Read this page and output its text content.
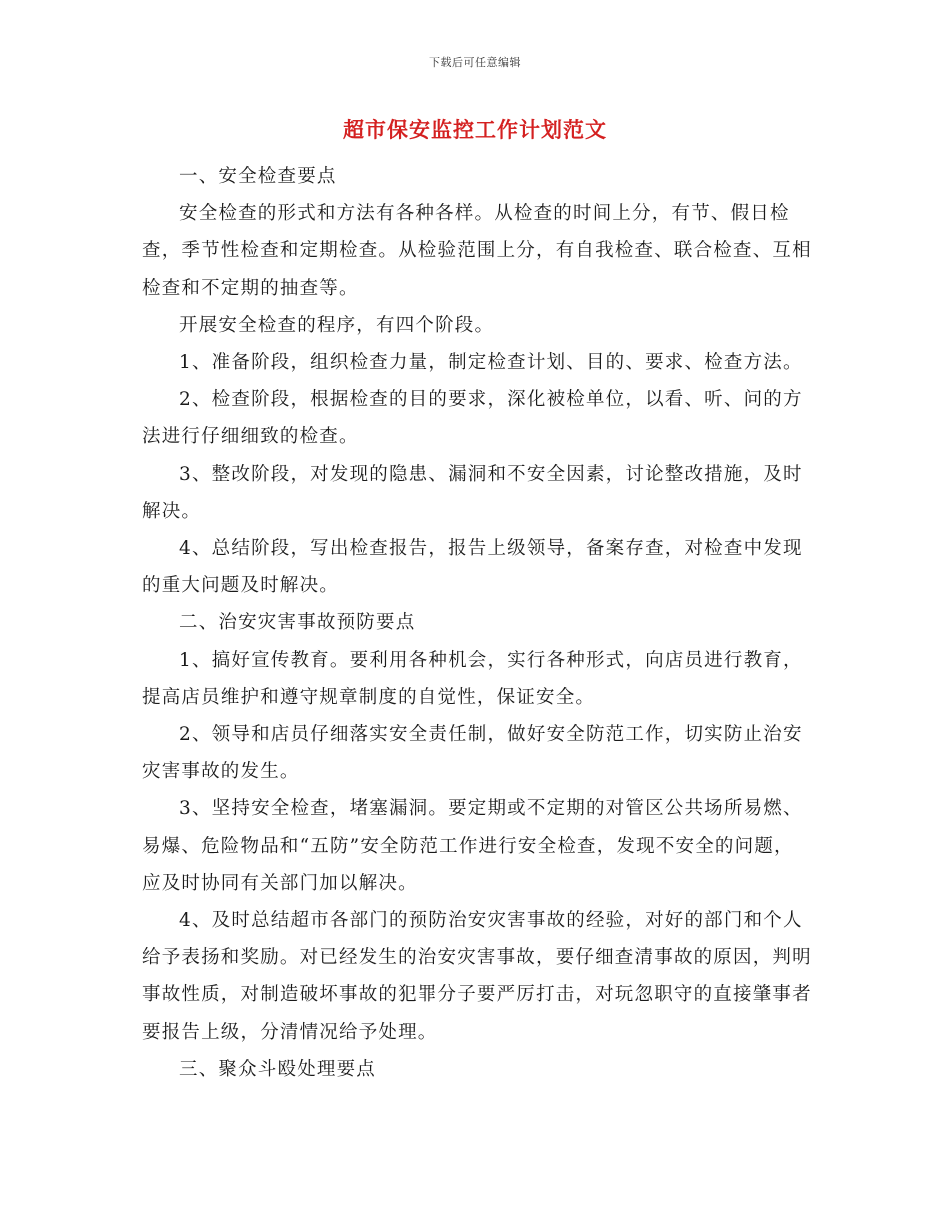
下载后可任意编辑
超市保安监控工作计划范文

一、安全检查要点

安全检查的形式和方法有各种各样。从检查的时间上分，有节、假日检查，季节性检查和定期检查。从检验范围上分，有自我检查、联合检查、互相检查和不定期的抽查等。

开展安全检查的程序，有四个阶段。

1、准备阶段，组织检查力量，制定检查计划、目的、要求、检查方法。

2、检查阶段，根据检查的目的要求，深化被检单位，以看、听、问的方法进行仔细细致的检查。

3、整改阶段，对发现的隐患、漏洞和不安全因素，讨论整改措施，及时解决。

4、总结阶段，写出检查报告，报告上级领导，备案存查，对检查中发现的重大问题及时解决。

二、治安灾害事故预防要点

1、搞好宣传教育。要利用各种机会，实行各种形式，向店员进行教育，提高店员维护和遵守规章制度的自觉性，保证安全。

2、领导和店员仔细落实安全责任制，做好安全防范工作，切实防止治安灾害事故的发生。

3、坚持安全检查，堵塞漏洞。要定期或不定期的对管区公共场所易燃、易爆、危险物品和“五防”安全防范工作进行安全检查，发现不安全的问题，应及时协同有关部门加以解决。

4、及时总结超市各部门的预防治安灾害事故的经验，对好的部门和个人给予表扬和奖励。对已经发生的治安灾害事故，要仔细查清事故的原因，判明事故性质，对制造破坏事故的犯罪分子要严厉打击，对玩忽职守的直接肇事者要报告上级，分清情况给予处理。

三、聚众斗殴处理要点
